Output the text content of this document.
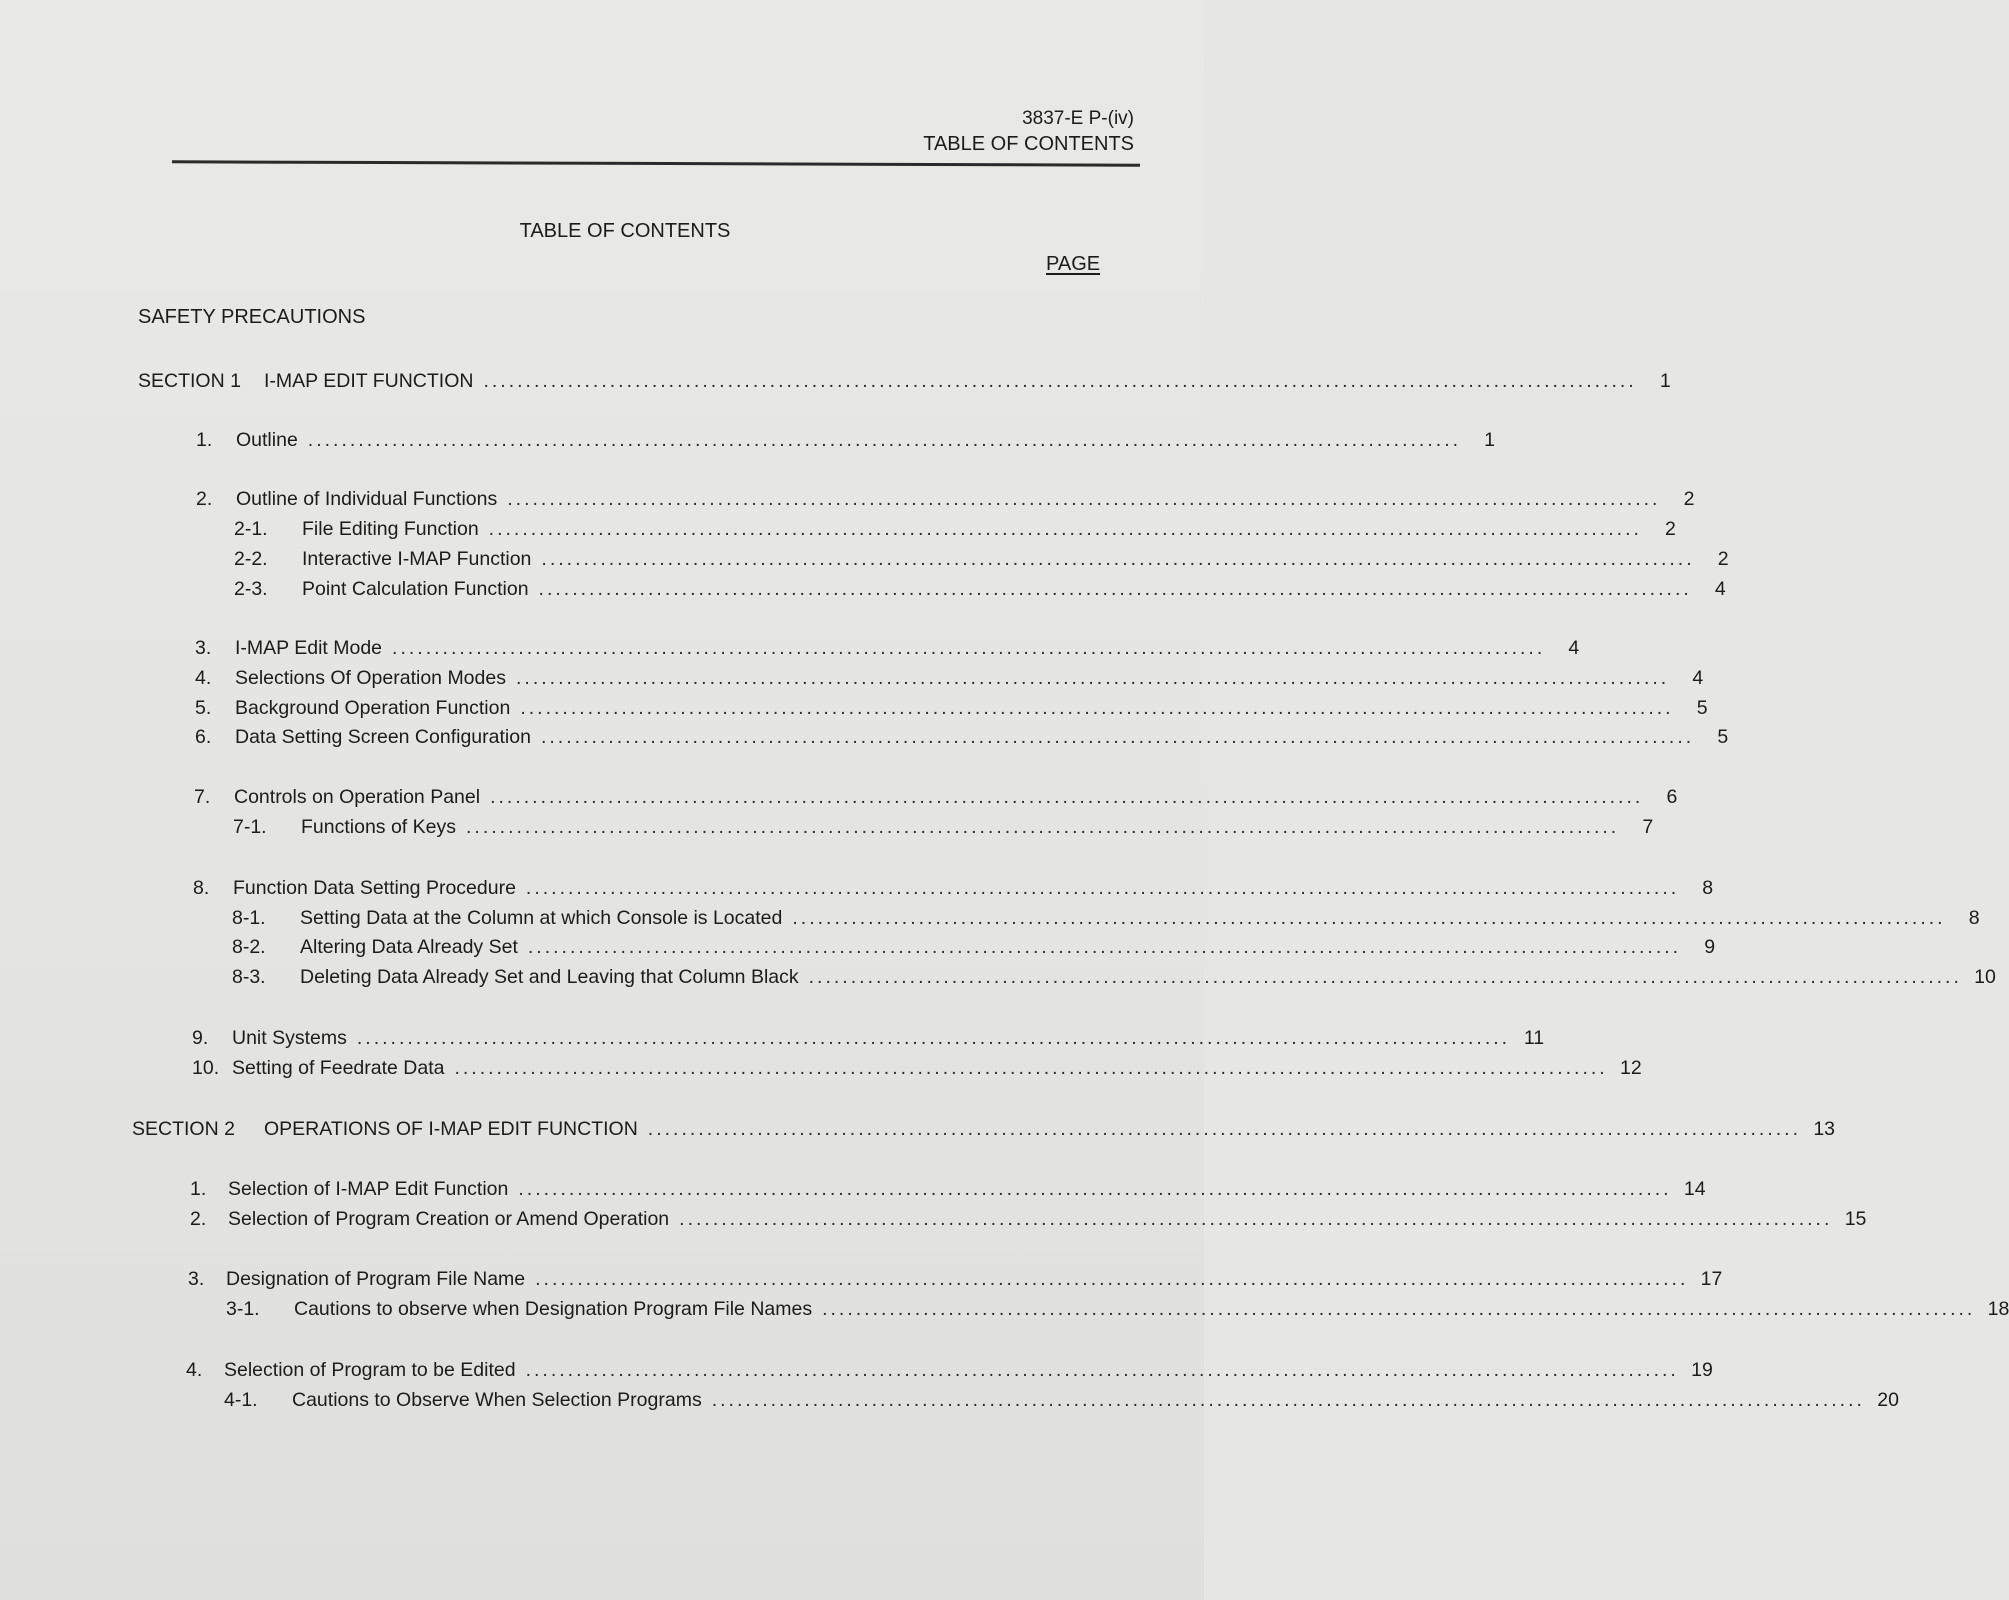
3837-E P-(iv)
TABLE OF CONTENTS
TABLE OF CONTENTS
PAGE
SAFETY PRECAUTIONS
SECTION 1	I-MAP EDIT FUNCTION .........................................................................................................................................	1
1.	Outline .........................................................................................................................................	1
2.	Outline of Individual Functions .........................................................................................................................................	2
2-1.	File Editing Function .........................................................................................................................................	2
2-2.	Interactive I-MAP Function .........................................................................................................................................	2
2-3.	Point Calculation Function .........................................................................................................................................	4
3.	I-MAP Edit Mode .........................................................................................................................................	4
4.	Selections Of Operation Modes .........................................................................................................................................	4
5.	Background Operation Function .........................................................................................................................................	5
6.	Data Setting Screen Configuration .........................................................................................................................................	5
7.	Controls on Operation Panel .........................................................................................................................................	6
7-1.	Functions of Keys .........................................................................................................................................	7
8.	Function Data Setting Procedure .........................................................................................................................................	8
8-1.	Setting Data at the Column at which Console is Located .........................................................................................................................................	8
8-2.	Altering Data Already Set .........................................................................................................................................	9
8-3.	Deleting Data Already Set and Leaving that Column Black ......................................................................................................................................... 10
9.	Unit Systems ......................................................................................................................................... 11
10. Setting of Feedrate Data ......................................................................................................................................... 12
SECTION 2	OPERATIONS OF I-MAP EDIT FUNCTION ......................................................................................................................................... 13
1.	Selection of I-MAP Edit Function ......................................................................................................................................... 14
2.	Selection of Program Creation or Amend Operation ......................................................................................................................................... 15
3.	Designation of Program File Name ......................................................................................................................................... 17
3-1.	Cautions to observe when Designation Program File Names ......................................................................................................................................... 18
4.	Selection of Program to be Edited ......................................................................................................................................... 19
4-1.	Cautions to Observe When Selection Programs ......................................................................................................................................... 20
